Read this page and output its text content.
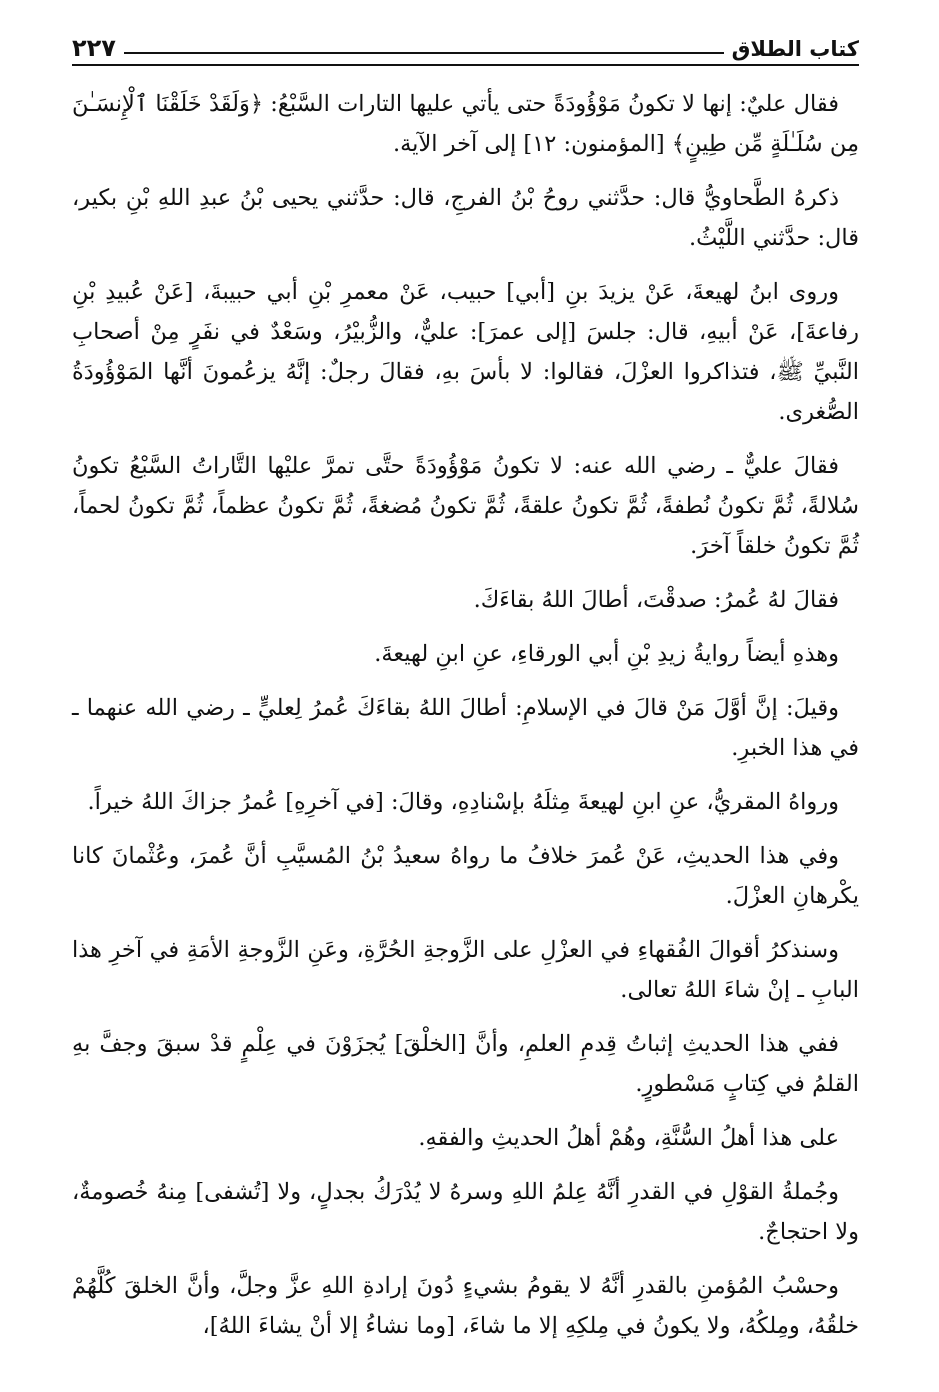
كتاب الطلاق
٢٢٧

فقال عليٌ: إنها لا تكونُ مَوْؤُودَةً حتى يأتي عليها التارات السَّبْعُ: ﴿وَلَقَدْ خَلَقْنَا ٱلْإِنسَـٰنَ مِن سُلَـٰلَةٍ مِّن طِينٍ﴾ [المؤمنون: ١٢] إلى آخر الآية.

ذكرهُ الطَّحاويُّ قال: حدَّثني روحُ بْنُ الفرجِ، قال: حدَّثني يحيى بْنُ عبدِ اللهِ بْنِ بكير، قال: حدَّثني اللَّيْثُ.

وروى ابنُ لهيعةَ، عَنْ يزيدَ بنِ [أبي] حبيب، عَنْ معمرِ بْنِ أبي حبيبةَ، [عَنْ عُبيدِ بْنِ رفاعةَ]، عَنْ أبيهِ، قال: جلسَ [إلى عمرَ]: عليٌّ، والزُّبيْرُ، وسَعْدٌ في نفَرٍ مِنْ أصحابِ النَّبيِّ ﷺ، فتذاكروا العزْلَ، فقالوا: لا بأسَ بهِ، فقالَ رجلٌ: إنَّهُ يزعُمونَ أنَّها المَوْؤُودَةُ الصُّغرى.

فقالَ عليٌّ ـ رضي الله عنه: لا تكونُ مَوْؤُودَةً حتَّى تمرَّ عليْها التَّاراتُ السَّبْعُ تكونُ سُلالةً، ثُمَّ تكونُ نُطفةً، ثُمَّ تكونُ علقةً، ثُمَّ تكونُ مُضغةً، ثُمَّ تكونُ عظماً، ثُمَّ تكونُ لحماً، ثُمَّ تكونُ خلقاً آخرَ.

فقالَ لهُ عُمرُ: صدقْتَ، أطالَ اللهُ بقاءَكَ.

وهذهِ أيضاً روايةُ زيدِ بْنِ أبي الورقاءِ، عنِ ابنِ لهيعةَ.

وقيلَ: إنَّ أوَّلَ مَنْ قالَ في الإسلامِ: أطالَ اللهُ بقاءَكَ عُمرُ لِعليٍّ ـ رضي الله عنهما ـ في هذا الخبرِ.

ورواهُ المقريُّ، عنِ ابنِ لهيعةَ مِثلَهُ بإسْنادِهِ، وقالَ: [في آخرِهِ] عُمرُ جزاكَ اللهُ خيراً.

وفي هذا الحديثِ، عَنْ عُمرَ خلافُ ما رواهُ سعيدُ بْنُ المُسيَّبِ أنَّ عُمرَ، وعُثْمانَ كانا يكْرهانِ العزْلَ.

وسنذكرُ أقوالَ الفُقهاءِ في العزْلِ على الزَّوجةِ الحُرَّةِ، وعَنِ الزَّوجةِ الأمَةِ في آخرِ هذا البابِ ـ إنْ شاءَ اللهُ تعالى.

ففي هذا الحديثِ إثباتُ قِدمِ العلمِ، وأنَّ [الخلْقَ] يُجزَوْنَ في عِلْمٍ قدْ سبقَ وجفَّ بهِ القلمُ في كِتابٍ مَسْطورٍ.

على هذا أهلُ السُّنَّةِ، وهُمْ أهلُ الحديثِ والفقهِ.

وجُملةُ القوْلِ في القدرِ أنَّهُ عِلمُ اللهِ وسرهُ لا يُدْرَكُ بجدلٍ، ولا [تُشفى] مِنهُ خُصومةٌ، ولا احتجاجٌ.

وحسْبُ المُؤمنِ بالقدرِ أنَّهُ لا يقومُ بشيءٍ دُونَ إرادةِ اللهِ عزَّ وجلَّ، وأنَّ الخلقَ كُلَّهُمْ خلقُهُ، ومِلكُهُ، ولا يكونُ في مِلكِهِ إلا ما شاءَ، [وما نشاءُ إلا أنْ يشاءَ اللهُ]،
